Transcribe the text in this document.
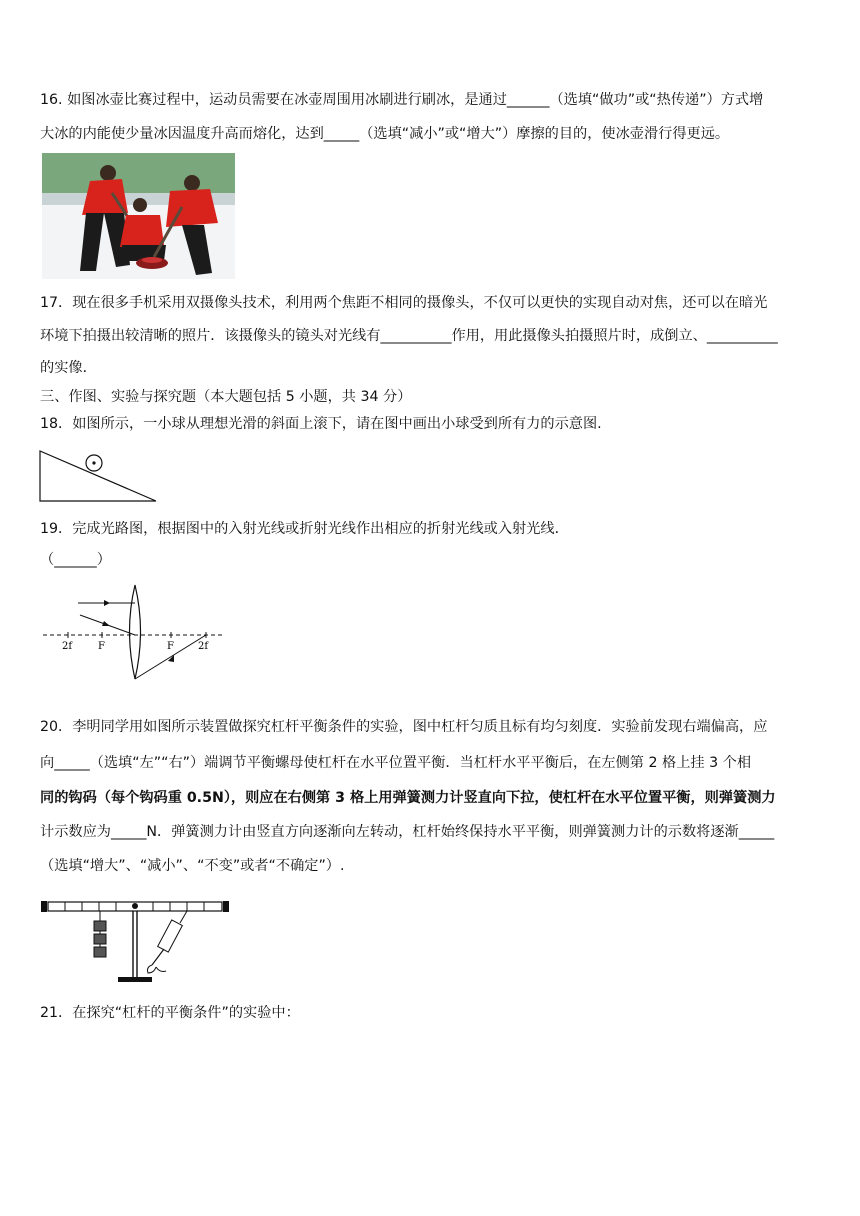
16. 如图冰壶比赛过程中，运动员需要在冰壶周围用冰刷进行刷冰，是通过______（选填“做功”或“热传递”）方式增
大冰的内能使少量冰因温度升高而熔化，达到_____（选填“减小”或“增大”）摩擦的目的，使冰壶滑行得更远。
17．现在很多手机采用双摄像头技术，利用两个焦距不相同的摄像头，不仅可以更快的实现自动对焦，还可以在暗光
环境下拍摄出较清晰的照片．该摄像头的镜头对光线有__________作用，用此摄像头拍摄照片时，成倒立、__________
的实像．
三、作图、实验与探究题（本大题包括 5 小题，共 34 分）
18．如图所示，一小球从理想光滑的斜面上滚下，请在图中画出小球受到所有力的示意图.
19．完成光路图，根据图中的入射光线或折射光线作出相应的折射光线或入射光线．
（______）
2f	F	F 2f
20．李明同学用如图所示装置做探究杠杆平衡条件的实验，图中杠杆匀质且标有均匀刻度．实验前发现右端偏高，应
向_____（选填“左”“右”）端调节平衡螺母使杠杆在水平位置平衡．当杠杆水平平衡后，在左侧第 2 格上挂 3 个相
同的钩码（每个钩码重 0.5N），则应在右侧第 3 格上用弹簧测力计竖直向下拉，使杠杆在水平位置平衡，则弹簧测力
计示数应为_____N．弹簧测力计由竖直方向逐渐向左转动，杠杆始终保持水平平衡，则弹簧测力计的示数将逐渐_____
（选填“增大”、“减小”、“不变”或者“不确定”）.
21．在探究“杠杆的平衡条件”的实验中：
